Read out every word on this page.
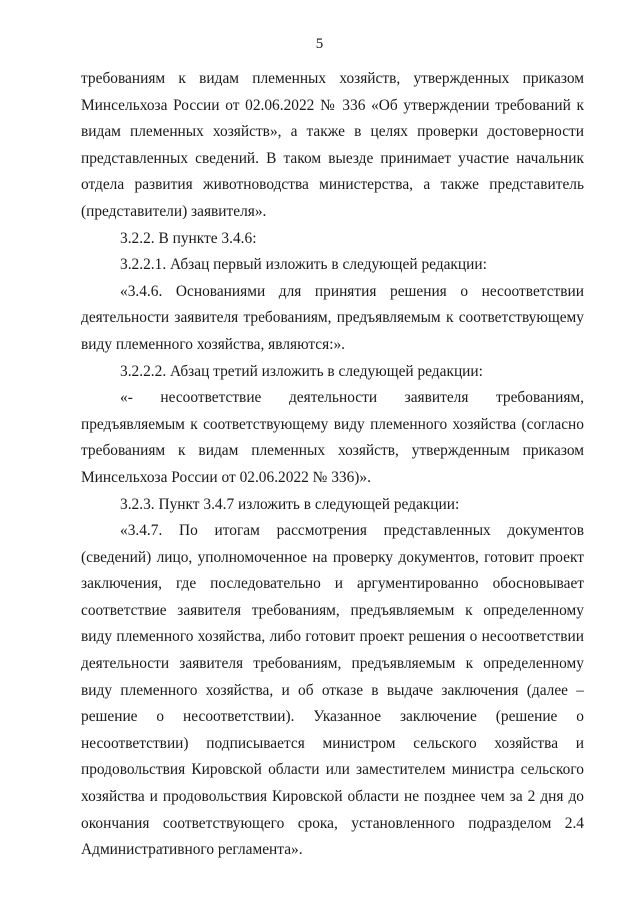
5

требованиям к видам племенных хозяйств, утвержденных приказом Минсельхоза России от 02.06.2022 № 336 «Об утверждении требований к видам племенных хозяйств», а также в целях проверки достоверности представленных сведений. В таком выезде принимает участие начальник отдела развития животноводства министерства, а также представитель (представители) заявителя».

3.2.2. В пункте 3.4.6:

3.2.2.1. Абзац первый изложить в следующей редакции:

«3.4.6. Основаниями для принятия решения о несоответствии деятельности заявителя требованиям, предъявляемым к соответствующему виду племенного хозяйства, являются:».

3.2.2.2. Абзац третий изложить в следующей редакции:

«- несоответствие деятельности заявителя требованиям, предъявляемым к соответствующему виду племенного хозяйства (согласно требованиям к видам племенных хозяйств, утвержденным приказом Минсельхоза России от 02.06.2022 № 336)».

3.2.3. Пункт 3.4.7 изложить в следующей редакции:

«3.4.7. По итогам рассмотрения представленных документов (сведений) лицо, уполномоченное на проверку документов, готовит проект заключения, где последовательно и аргументированно обосновывает соответствие заявителя требованиям, предъявляемым к определенному виду племенного хозяйства, либо готовит проект решения о несоответствии деятельности заявителя требованиям, предъявляемым к определенному виду племенного хозяйства, и об отказе в выдаче заключения (далее – решение о несоответствии). Указанное заключение (решение о несоответствии) подписывается министром сельского хозяйства и продовольствия Кировской области или заместителем министра сельского хозяйства и продовольствия Кировской области не позднее чем за 2 дня до окончания соответствующего срока, установленного подразделом 2.4 Административного регламента».
